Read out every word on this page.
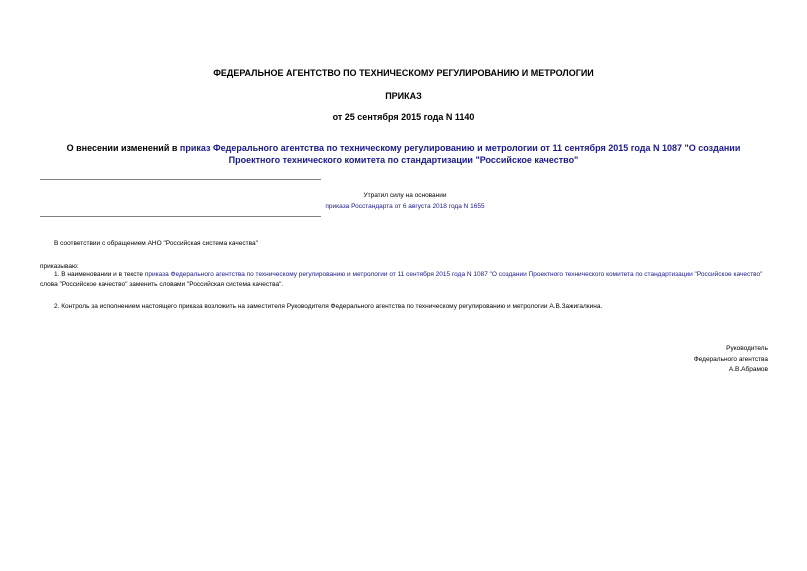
ФЕДЕРАЛЬНОЕ АГЕНТСТВО ПО ТЕХНИЧЕСКОМУ РЕГУЛИРОВАНИЮ И МЕТРОЛОГИИ
ПРИКАЗ
от 25 сентября 2015 года N 1140
О внесении изменений в приказ Федерального агентства по техническому регулированию и метрологии от 11 сентября 2015 года N 1087 "О создании Проектного технического комитета по стандартизации "Российское качество"
Утратил силу на основании
приказа Росстандарта от 6 августа 2018 года N 1655
В соответствии с обращением АНО "Российская система качества"
приказываю:
1. В наименовании и в тексте приказа Федерального агентства по техническому регулированию и метрологии от 11 сентября 2015 года N 1087 "О создании Проектного технического комитета по стандартизации "Российское качество" слова "Российское качество" заменить словами "Российская система качества".
2. Контроль за исполнением настоящего приказа возложить на заместителя Руководителя Федерального агентства по техническому регулированию и метрологии А.В.Зажигалкина.
Руководитель
Федерального агентства
А.В.Абрамов
